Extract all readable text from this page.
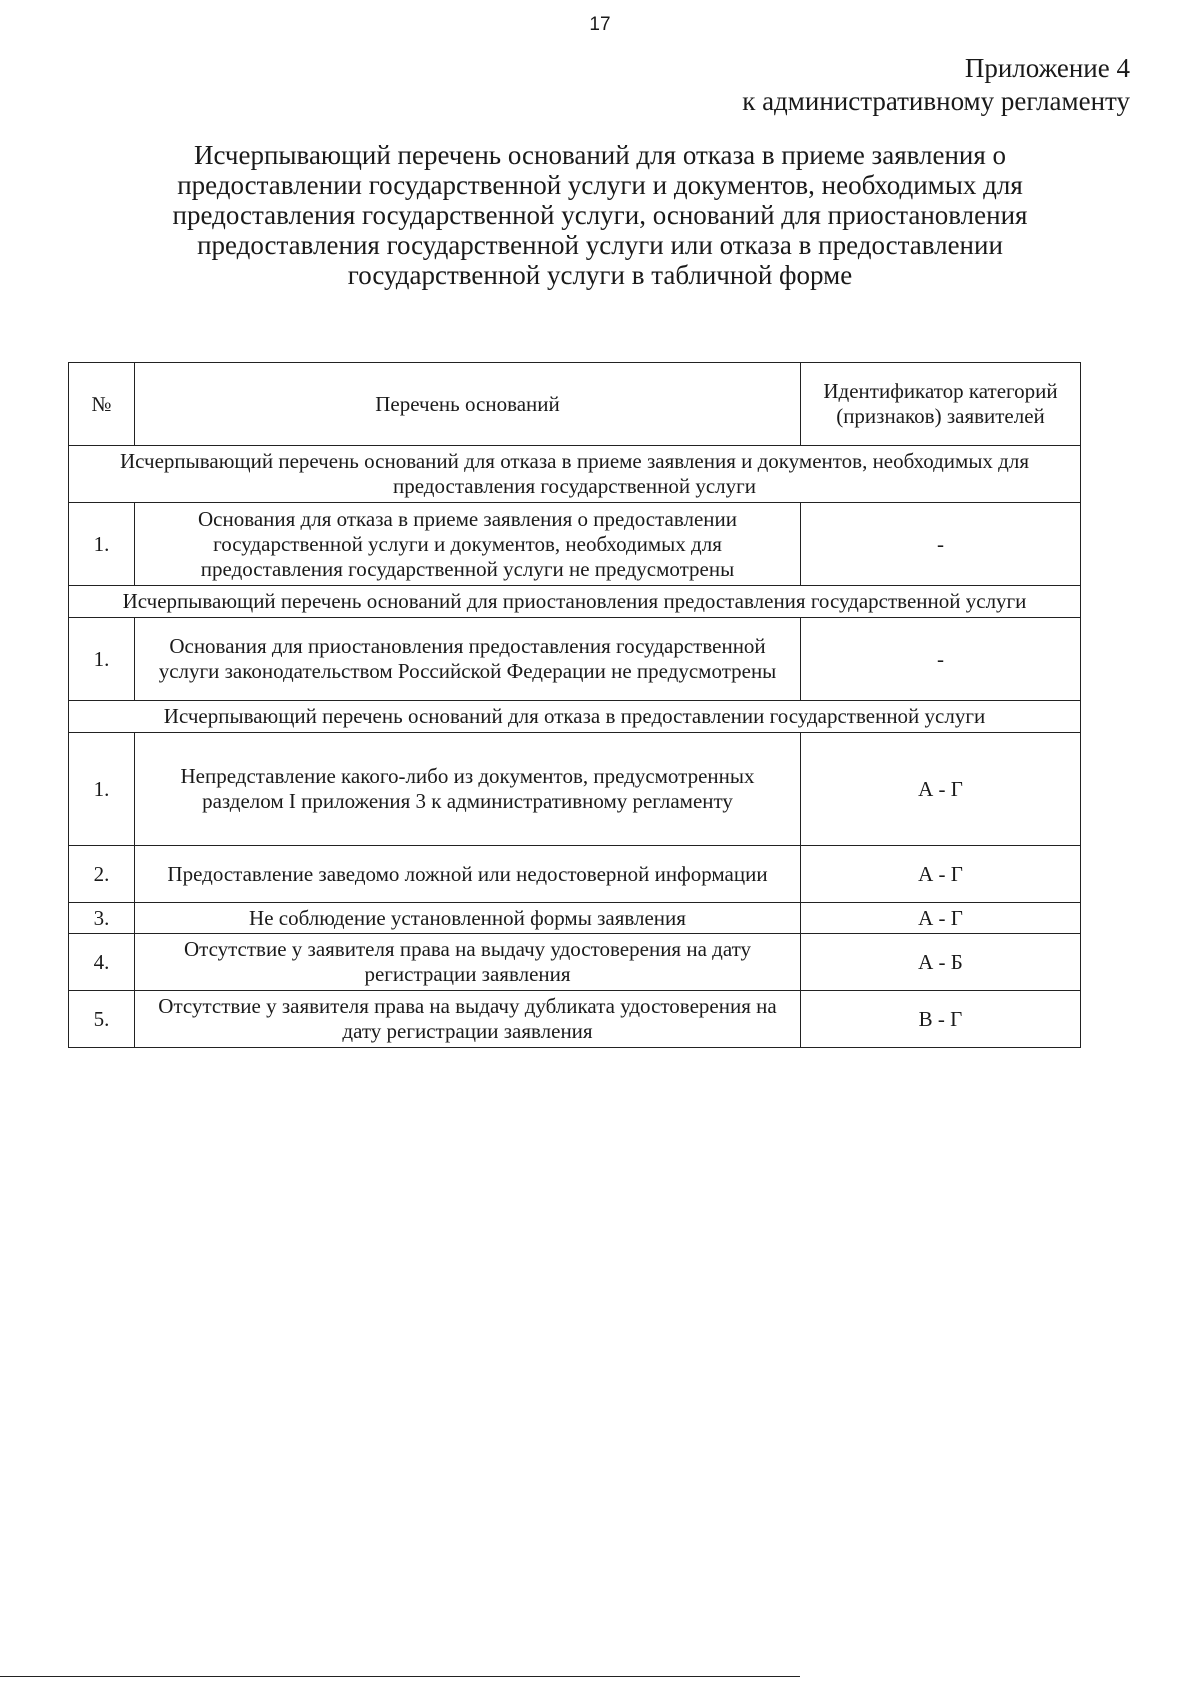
17
Приложение 4
к административному регламенту
Исчерпывающий перечень оснований для отказа в приеме заявления о предоставлении государственной услуги и документов, необходимых для предоставления государственной услуги, оснований для приостановления предоставления государственной услуги или отказа в предоставлении государственной услуги в табличной форме
№	Перечень оснований	Идентификатор категорий (признаков) заявителей
Исчерпывающий перечень оснований для отказа в приеме заявления и документов, необходимых для предоставления государственной услуги		
1.	Основания для отказа в приеме заявления о предоставлении государственной услуги и документов, необходимых для предоставления государственной услуги не предусмотрены	-
Исчерпывающий перечень оснований для приостановления предоставления государственной услуги		
1.	Основания для приостановления предоставления государственной услуги законодательством Российской Федерации не предусмотрены	-
Исчерпывающий перечень оснований для отказа в предоставлении государственной услуги		
1.	Непредставление какого-либо из документов, предусмотренных разделом I приложения 3 к административному регламенту	А - Г
2.	Предоставление заведомо ложной или недостоверной информации	А - Г
3.	Не соблюдение установленной формы заявления	А - Г
4.	Отсутствие у заявителя права на выдачу удостоверения на дату регистрации заявления	А - Б
5.	Отсутствие у заявителя права на выдачу дубликата удостоверения на дату регистрации заявления	В - Г
